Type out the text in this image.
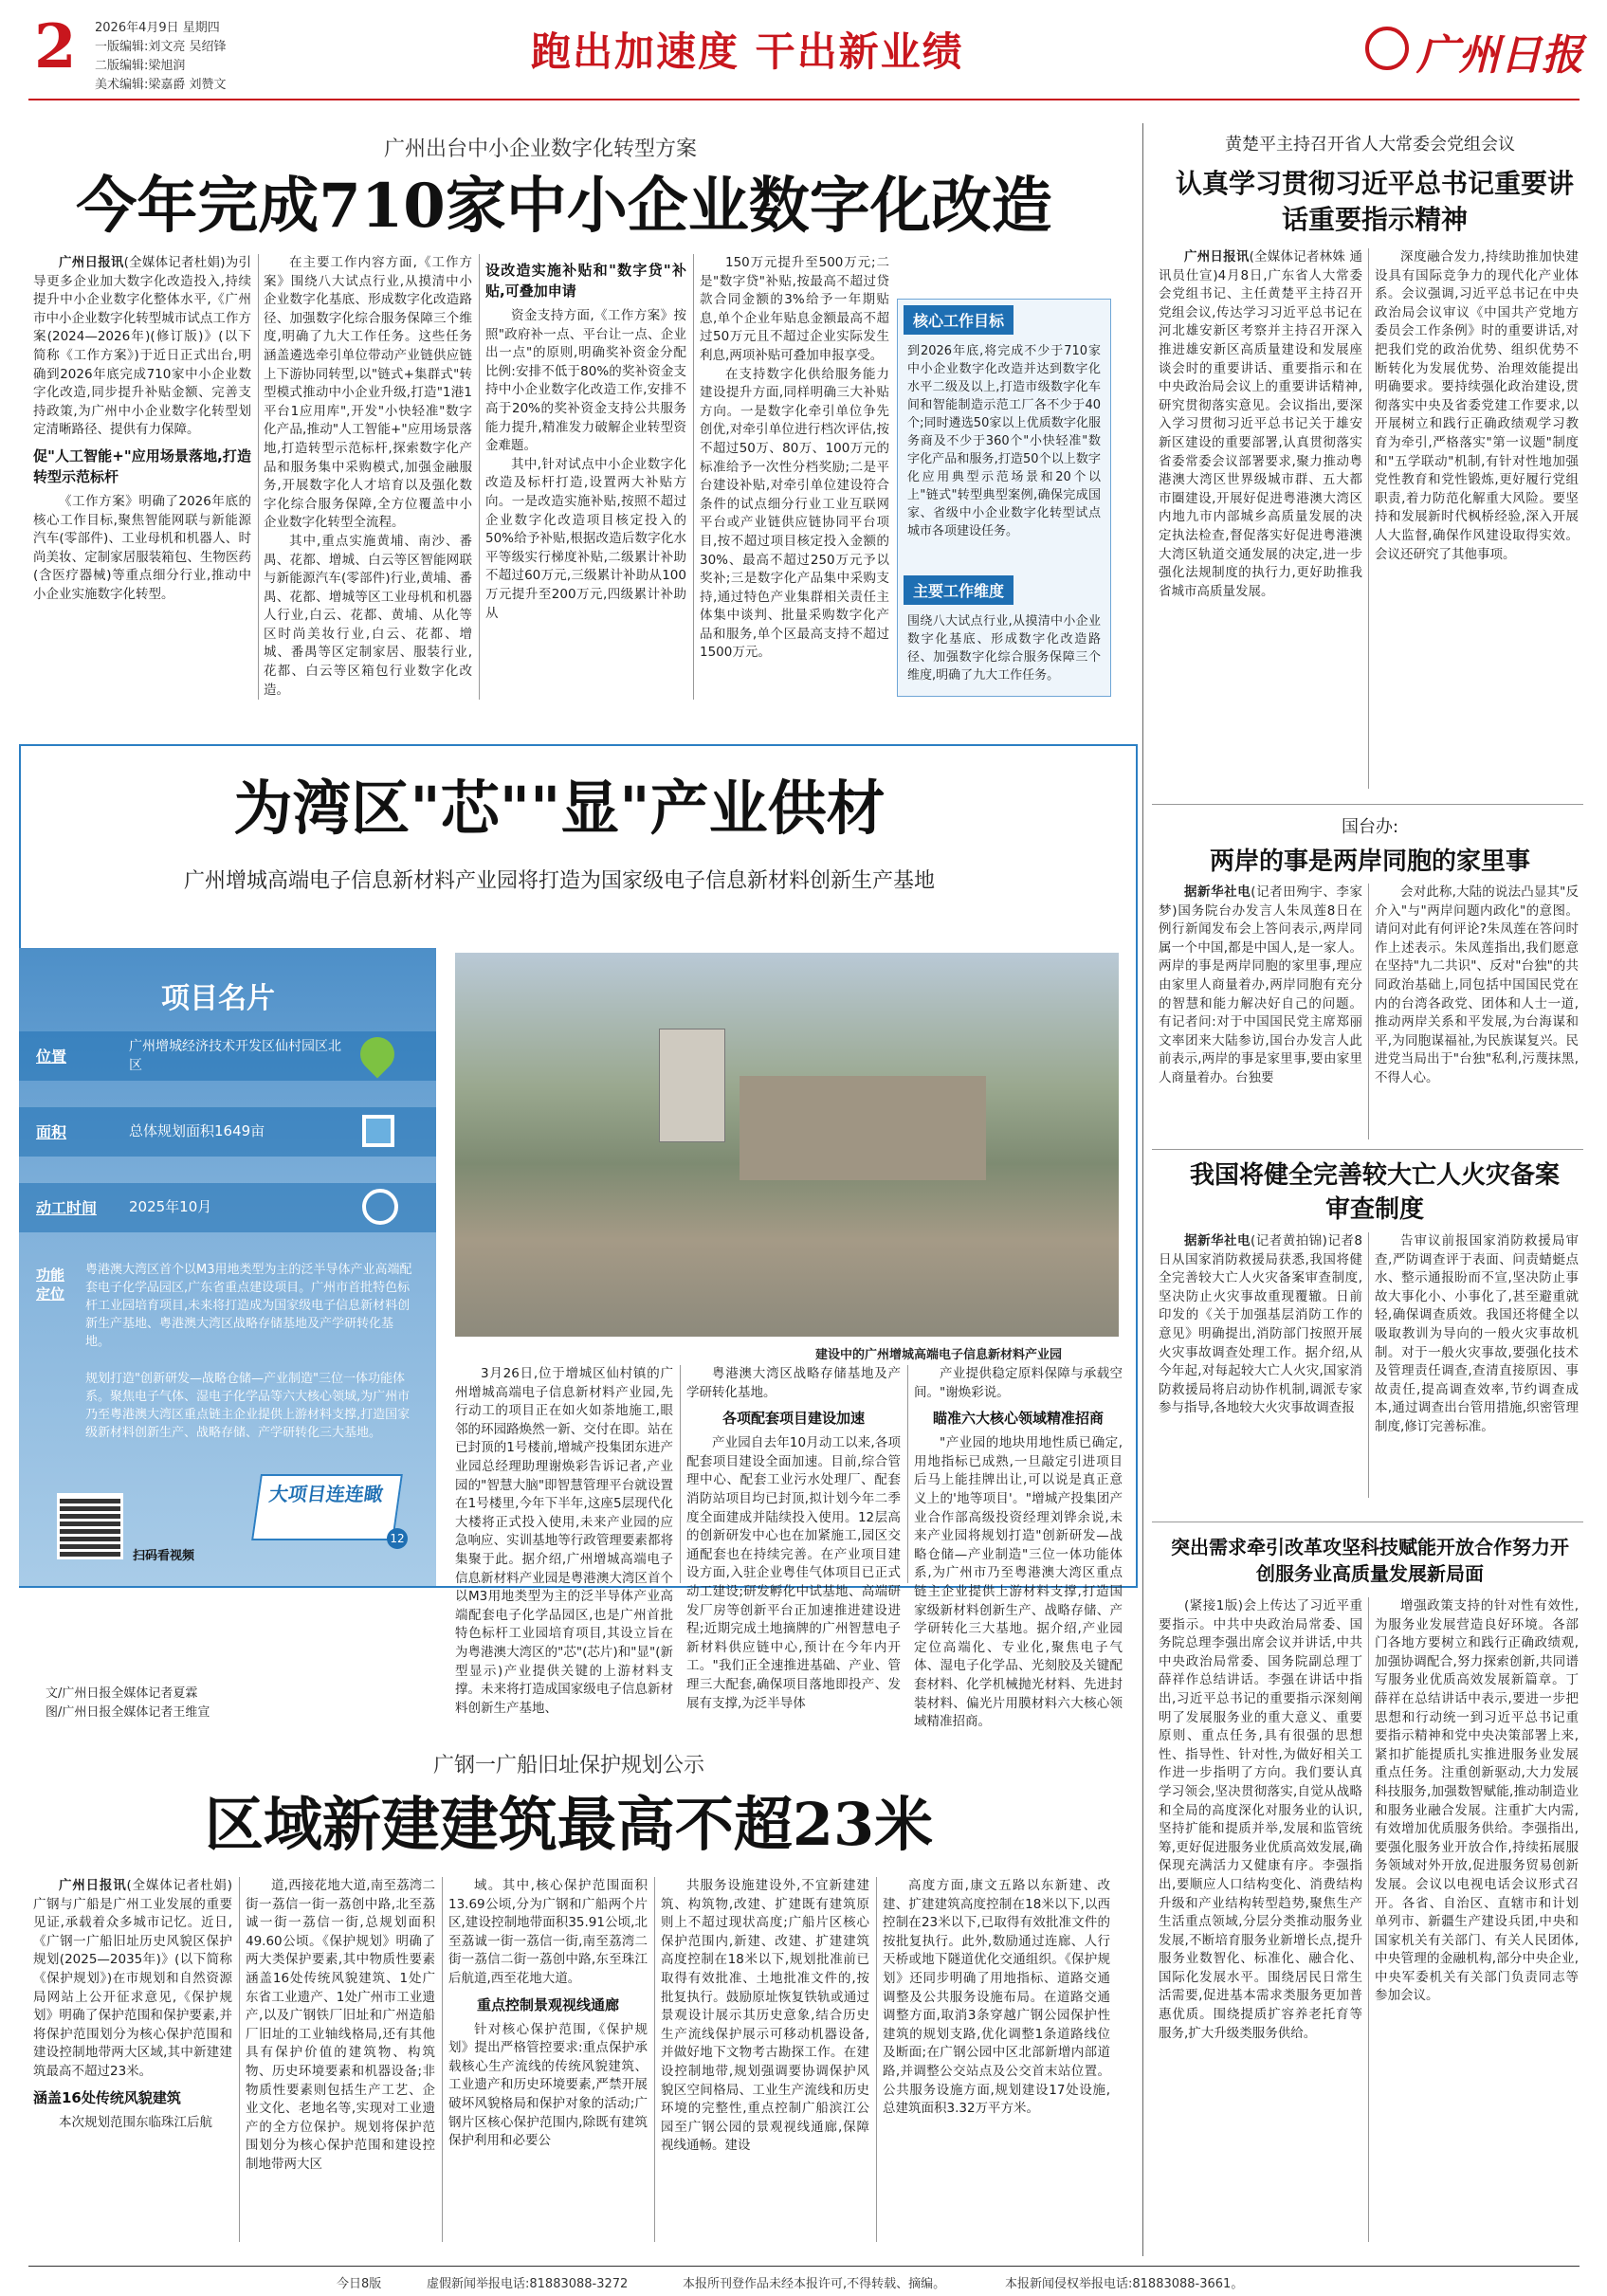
2 2026年4月9日 星期四
一版编辑:刘文亮 吴绍锋
二版编辑:梁旭润
美术编辑:梁嘉爵 刘赞文
跑出加速度 干出新业绩	广州日报
广州出台中小企业数字化转型方案
今年完成710家中小企业数字化改造

广州日报讯(全媒体记者杜娟)为引导更多企业加大数字化改造投入,持续提升中小企业数字化整体水平,《广州市中小企业数字化转型城市试点工作方案(2024—2026年)(修订版)》(以下简称《工作方案》)于近日正式出台,明确到2026年底完成710家中小企业数字化改造,同步提升补贴金额、完善支持政策,为广州中小企业数字化转型划定清晰路径、提供有力保障。

促"人工智能+"应用场景落地,打造转型示范标杆

《工作方案》明确了2026年底的核心工作目标,聚焦智能网联与新能源汽车(零部件)、工业母机和机器人、时尚美妆、定制家居服装箱包、生物医药(含医疗器械)等重点细分行业,推动中小企业实施数字化转型。

在主要工作内容方面,《工作方案》围绕八大试点行业,从摸清中小企业数字化基底、形成数字化改造路径、加强数字化综合服务保障三个维度,明确了九大工作任务。这些任务涵盖遴选牵引单位带动产业链供应链上下游协同转型,以"链式+集群式"转型模式推动中小企业升级,打造"1港1平台1应用库",开发"小快轻准"数字化产品,推动"人工智能+"应用场景落地,打造转型示范标杆,探索数字化产品和服务集中采购模式,加强金融服务,开展数字化人才培育以及强化数字化综合服务保障,全方位覆盖中小企业数字化转型全流程。

其中,重点实施黄埔、南沙、番禺、花都、增城、白云等区智能网联与新能源汽车(零部件)行业,黄埔、番禺、花都、增城等区工业母机和机器人行业,白云、花都、黄埔、从化等区时尚美妆行业,白云、花都、增城、番禺等区定制家居、服装行业,花都、白云等区箱包行业数字化改造。

设改造实施补贴和"数字贷"补贴,可叠加申请

资金支持方面,《工作方案》按照"政府补一点、平台让一点、企业出一点"的原则,明确奖补资金分配比例:安排不低于80%的奖补资金支持中小企业数字化改造工作,安排不高于20%的奖补资金支持公共服务能力提升,精准发力破解企业转型资金难题。

其中,针对试点中小企业数字化改造及标杆打造,设置两大补贴方向。一是改造实施补贴,按照不超过企业数字化改造项目核定投入的50%给予补贴,根据改造后数字化水平等级实行梯度补贴,二级累计补助不超过60万元,三级累计补助从100万元提升至200万元,四级累计补助从

150万元提升至500万元;二是"数字贷"补贴,按最高不超过贷款合同金额的3%给予一年期贴息,单个企业年贴息金额最高不超过50万元且不超过企业实际发生利息,两项补贴可叠加申报享受。

在支持数字化供给服务能力建设提升方面,同样明确三大补贴方向。一是数字化牵引单位争先创优,对牵引单位进行档次评估,按不超过50万、80万、100万元的标准给予一次性分档奖励;二是平台建设补贴,对牵引单位建设符合条件的试点细分行业工业互联网平台或产业链供应链协同平台项目,按不超过项目核定投入金额的30%、最高不超过250万元予以奖补;三是数字化产品集中采购支持,通过特色产业集群相关责任主体集中谈判、批量采购数字化产品和服务,单个区最高支持不超过1500万元。

核心工作目标
到2026年底,将完成不少于710家中小企业数字化改造并达到数字化水平二级及以上,打造市级数字化车间和智能制造示范工厂各不少于40个;同时遴选50家以上优质数字化服务商及不少于360个"小快轻准"数字化产品和服务,打造50个以上数字化应用典型示范场景和20个以上"链式"转型典型案例,确保完成国家、省级中小企业数字化转型试点城市各项建设任务。
主要工作维度
围绕八大试点行业,从摸清中小企业数字化基底、形成数字化改造路径、加强数字化综合服务保障三个维度,明确了九大工作任务。
为湾区"芯""显"产业供材
广州增城高端电子信息新材料产业园将打造为国家级电子信息新材料创新生产基地
项目名片
位置
广州增城经济技术开发区仙村园区北区
面积	总体规划面积1649亩
动工时间 2025年10月
功能定位
粤港澳大湾区首个以M3用地类型为主的泛半导体产业高端配套电子化学品园区,广东省重点建设项目。广州市首批特色标杆工业园培育项目,未来将打造成为国家级电子信息新材料创新生产基地、粤港澳大湾区战略存储基地及产学研转化基地。
规划打造"创新研发—战略仓储—产业制造"三位一体功能体系。聚焦电子气体、湿电子化学品等六大核心领域,为广州市乃至粤港澳大湾区重点链主企业提供上游材料支撑,打造国家级新材料创新生产、战略存储、产学研转化三大基地。
扫码看视频
大项目连连瞰
12
文/广州日报全媒体记者夏霖
图/广州日报全媒体记者王维宣
建设中的广州增城高端电子信息新材料产业园

3月26日,位于增城区仙村镇的广州增城高端电子信息新材料产业园,先行动工的项目正在如火如荼地施工,眼邻的环园路焕然一新、交付在即。站在已封顶的1号楼前,增城产投集团东进产业园总经理助理谢焕彩告诉记者,产业园的"智慧大脑"即智慧管理平台就设置在1号楼里,今年下半年,这座5层现代化大楼将正式投入使用,未来产业园的应急响应、实训基地等行政管理要素都将集聚于此。据介绍,广州增城高端电子信息新材料产业园是粤港澳大湾区首个以M3用地类型为主的泛半导体产业高端配套电子化学品园区,也是广州首批特色标杆工业园培育项目,其设立旨在为粤港澳大湾区的"芯"(芯片)和"显"(新型显示)产业提供关键的上游材料支撑。未来将打造成国家级电子信息新材料创新生产基地、

粤港澳大湾区战略存储基地及产学研转化基地。

各项配套项目建设加速

产业园自去年10月动工以来,各项配套项目建设全面加速。目前,综合管理中心、配套工业污水处理厂、配套消防站项目均已封顶,拟计划今年二季度全面建成并陆续投入使用。12层高的创新研发中心也在加紧施工,园区交通配套也在持续完善。在产业项目建设方面,入驻企业粤佳气体项目已正式动工建设;研发孵化中试基地、高端研发厂房等创新平台正加速推进建设进程;近期完成土地摘牌的广州智慧电子新材料供应链中心,预计在今年内开工。"我们正全速推进基础、产业、管理三大配套,确保项目落地即投产、发展有支撑,为泛半导体

产业提供稳定原料保障与承载空间。"谢焕彩说。

瞄准六大核心领域精准招商

"产业园的地块用地性质已确定,用地指标已成熟,一旦敲定引进项目后马上能挂牌出让,可以说是真正意义上的'地等项目'。"增城产投集团产业合作部高级投资经理刘铧余说,未来产业园将规划打造"创新研发—战略仓储—产业制造"三位一体功能体系,为广州市乃至粤港澳大湾区重点链主企业提供上游材料支撑,打造国家级新材料创新生产、战略存储、产学研转化三大基地。据介绍,产业园定位高端化、专业化,聚焦电子气体、湿电子化学品、光刻胶及关键配套材料、化学机械抛光材料、先进封装材料、偏光片用膜材料六大核心领域精准招商。

广钢一广船旧址保护规划公示
区域新建建筑最高不超23米

广州日报讯(全媒体记者杜娟)广钢与广船是广州工业发展的重要见证,承载着众多城市记忆。近日,《广钢一广船旧址历史风貌区保护规划(2025—2035年)》(以下简称《保护规划》)在市规划和自然资源局网站上公开征求意见,《保护规划》明确了保护范围和保护要素,并将保护范围划分为核心保护范围和建设控制地带两大区域,其中新建建筑最高不超过23米。

涵盖16处传统风貌建筑

本次规划范围东临珠江后航

道,西接花地大道,南至荔湾二街一荔信一街一荔创中路,北至荔诚一街一荔信一街,总规划面积49.60公顷。《保护规划》明确了两大类保护要素,其中物质性要素涵盖16处传统风貌建筑、1处广东省工业遗产、1处广州市工业遗产,以及广钢铁厂旧址和广州造船厂旧址的工业轴线格局,还有其他具有保护价值的建筑物、构筑物、历史环境要素和机器设备;非物质性要素则包括生产工艺、企业文化、老地名等,实现对工业遗产的全方位保护。规划将保护范围划分为核心保护范围和建设控制地带两大区

域。其中,核心保护范围面积13.69公顷,分为广钢和广船两个片区,建设控制地带面积35.91公顷,北至荔诚一街一荔信一街,南至荔湾二街一荔信二街一荔创中路,东至珠江后航道,西至花地大道。

重点控制景观视线通廊

针对核心保护范围,《保护规划》提出严格管控要求:重点保护承载核心生产流线的传统风貌建筑、工业遗产和历史环境要素,严禁开展破坏风貌格局和保护对象的活动;广钢片区核心保护范围内,除既有建筑保护利用和必要公

共服务设施建设外,不宜新建建筑、构筑物,改建、扩建既有建筑原则上不超过现状高度;广船片区核心保护范围内,新建、改建、扩建建筑高度控制在18米以下,规划批准前已取得有效批准、土地批准文件的,按批复执行。鼓励原址恢复铁轨或通过景观设计展示其历史意象,结合历史生产流线保护展示可移动机器设备,并做好地下文物考古勘探工作。在建设控制地带,规划强调要协调保护风貌区空间格局、工业生产流线和历史环境的完整性,重点控制广船滨江公园至广钢公园的景观视线通廊,保障视线通畅。建设

高度方面,康文五路以东新建、改建、扩建建筑高度控制在18米以下,以西控制在23米以下,已取得有效批准文件的按批复执行。此外,数励通过连廊、人行天桥或地下隧道优化交通组织。《保护规划》还同步明确了用地指标、道路交通调整及公共服务设施布局。在道路交通调整方面,取消3条穿越广钢公园保护性建筑的规划支路,优化调整1条道路线位及断面;在广钢公园中区北部新增内部道路,并调整公交站点及公交首末站位置。公共服务设施方面,规划建设17处设施,总建筑面积3.32万平方米。

黄楚平主持召开省人大常委会党组会议
认真学习贯彻习近平总书记重要讲话重要指示精神

广州日报讯(全媒体记者林姝 通讯员仕宣)4月8日,广东省人大常委会党组书记、主任黄楚平主持召开党组会议,传达学习习近平总书记在河北雄安新区考察并主持召开深入推进雄安新区高质量建设和发展座谈会时的重要讲话、重要指示和在中央政治局会议上的重要讲话精神,研究贯彻落实意见。会议指出,要深入学习贯彻习近平总书记关于雄安新区建设的重要部署,认真贯彻落实省委常委会议部署要求,聚力推动粤港澳大湾区世界级城市群、五大都市圈建设,开展好促进粤港澳大湾区内地九市内部城乡高质量发展的决定执法检查,督促落实好促进粤港澳大湾区轨道交通发展的决定,进一步强化法规制度的执行力,更好助推我省城市高质量发展。

深度融合发力,持续助推加快建设具有国际竞争力的现代化产业体系。会议强调,习近平总书记在中央政治局会议审议《中国共产党地方委员会工作条例》时的重要讲话,对把我们党的政治优势、组织优势不断转化为发展优势、治理效能提出明确要求。要持续强化政治建设,贯彻落实中央及省委党建工作要求,以开展树立和践行正确政绩观学习教育为牵引,严格落实"第一议题"制度和"五学联动"机制,有针对性地加强党性教育和党性锻炼,更好履行党组职责,着力防范化解重大风险。要坚持和发展新时代枫桥经验,深入开展人大监督,确保作风建设取得实效。会议还研究了其他事项。

国台办:
两岸的事是两岸同胞的家里事

据新华社电(记者田殉宇、李家梦)国务院台办发言人朱凤莲8日在例行新闻发布会上答问表示,两岸同属一个中国,都是中国人,是一家人。两岸的事是两岸同胞的家里事,理应由家里人商量着办,两岸同胞有充分的智慧和能力解决好自己的问题。有记者问:对于中国国民党主席郑丽文率团来大陆参访,国台办发言人此前表示,两岸的事是家里事,要由家里人商量着办。台独要

会对此称,大陆的说法凸显其"反介入"与"两岸问题内政化"的意图。请问对此有何评论?朱凤莲在答问时作上述表示。朱凤莲指出,我们愿意在坚持"九二共识"、反对"台独"的共同政治基础上,同包括中国国民党在内的台湾各政党、团体和人士一道,推动两岸关系和平发展,为台海谋和平,为同胞谋福祉,为民族谋复兴。民进党当局出于"台独"私利,污蔑抹黑,不得人心。

我国将健全完善较大亡人火灾备案审查制度

据新华社电(记者黄拍锦)记者8日从国家消防救援局获悉,我国将健全完善较大亡人火灾备案审查制度,坚决防止火灾事故重现覆辙。日前印发的《关于加强基层消防工作的意见》明确提出,消防部门按照开展火灾事故调查处理工作。据介绍,从今年起,对每起较大亡人火灾,国家消防救援局将启动协作机制,调派专家参与指导,各地较大火灾事故调查报

告审议前报国家消防救援局审查,严防调查评于表面、问责蜻蜓点水、整示通报盼而不宣,坚决防止事故大事化小、小事化了,甚至避重就轻,确保调查质效。我国还将健全以吸取教训为导向的一般火灾事故机制。对于一般火灾事故,要强化技术及管理责任调查,查清直接原因、事故责任,提高调查效率,节约调查成本,通过调查出台管用措施,织密管理制度,修订完善标准。

突出需求牵引改革攻坚科技赋能开放合作努力开创服务业高质量发展新局面

(紧接1版)会上传达了习近平重要指示。中共中央政治局常委、国务院总理李强出席会议并讲话,中共中央政治局常委、国务院副总理丁薛祥作总结讲话。李强在讲话中指出,习近平总书记的重要指示深刻阐明了发展服务业的重大意义、重要原则、重点任务,具有很强的思想性、指导性、针对性,为做好相关工作进一步指明了方向。我们要认真学习领会,坚决贯彻落实,自觉从战略和全局的高度深化对服务业的认识,坚持扩能和提质并举,发展和监管统筹,更好促进服务业优质高效发展,确保现充满活力又健康有序。李强指出,要顺应人口结构变化、消费结构升级和产业结构转型趋势,聚焦生产生活重点领域,分层分类推动服务业发展,不断培育服务业新增长点,提升服务业数智化、标准化、融合化、国际化发展水平。围绕居民日常生活需要,促进基本需求类服务更加普惠优质。围绕提质扩容养老托育等服务,扩大升级类服务供给。

增强政策支持的针对性有效性,为服务业发展营造良好环境。各部门各地方要树立和践行正确政绩观,加强协调配合,努力探索创新,共同谱写服务业优质高效发展新篇章。丁薛祥在总结讲话中表示,要进一步把思想和行动统一到习近平总书记重要指示精神和党中央决策部署上来,紧扣扩能提质扎实推进服务业发展重点任务。注重创新驱动,大力发展科技服务,加强数智赋能,推动制造业和服务业融合发展。注重扩大内需,有效增加优质服务供给。李强指出,要强化服务业开放合作,持续拓展服务领域对外开放,促进服务贸易创新发展。会议以电视电话会议形式召开。各省、自治区、直辖市和计划单列市、新疆生产建设兵团,中央和国家机关有关部门、有关人民团体,中央管理的金融机构,部分中央企业,中央军委机关有关部门负责同志等参加会议。

今日8版	虚假新闻举报电话:81883088-3272	本报所刊登作品未经本报许可,不得转载、摘编。	本报新闻侵权举报电话:81883088-3661。
